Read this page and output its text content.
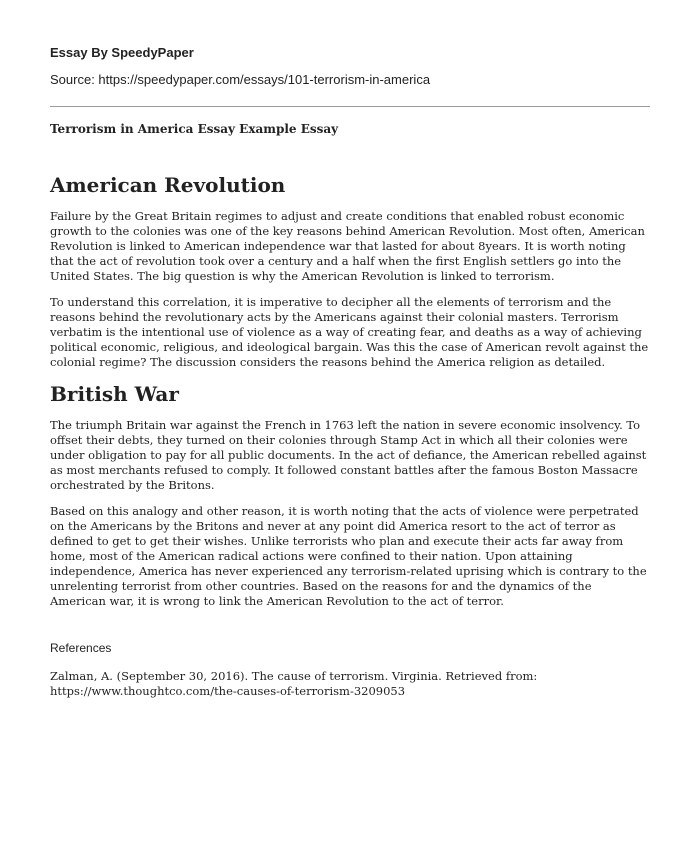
Essay By SpeedyPaper
Source: https://speedypaper.com/essays/101-terrorism-in-america
Terrorism in America Essay Example Essay
American Revolution

Failure by the Great Britain regimes to adjust and create conditions that enabled robust economic growth to the colonies was one of the key reasons behind American Revolution. Most often, American Revolution is linked to American independence war that lasted for about 8years. It is worth noting that the act of revolution took over a century and a half when the first English settlers go into the United States. The big question is why the American Revolution is linked to terrorism.

To understand this correlation, it is imperative to decipher all the elements of terrorism and the reasons behind the revolutionary acts by the Americans against their colonial masters. Terrorism verbatim is the intentional use of violence as a way of creating fear, and deaths as a way of achieving political economic, religious, and ideological bargain. Was this the case of American revolt against the colonial regime? The discussion considers the reasons behind the America religion as detailed.

British War

The triumph Britain war against the French in 1763 left the nation in severe economic insolvency. To offset their debts, they turned on their colonies through Stamp Act in which all their colonies were under obligation to pay for all public documents. In the act of defiance, the American rebelled against as most merchants refused to comply. It followed constant battles after the famous Boston Massacre orchestrated by the Britons.

Based on this analogy and other reason, it is worth noting that the acts of violence were perpetrated on the Americans by the Britons and never at any point did America resort to the act of terror as defined to get to get their wishes. Unlike terrorists who plan and execute their acts far away from home, most of the American radical actions were confined to their nation. Upon attaining independence, America has never experienced any terrorism-related uprising which is contrary to the unrelenting terrorist from other countries. Based on the reasons for and the dynamics of the American war, it is wrong to link the American Revolution to the act of terror.

References
Zalman, A. (September 30, 2016). The cause of terrorism. Virginia. Retrieved from: https://www.thoughtco.com/the-causes-of-terrorism-3209053
